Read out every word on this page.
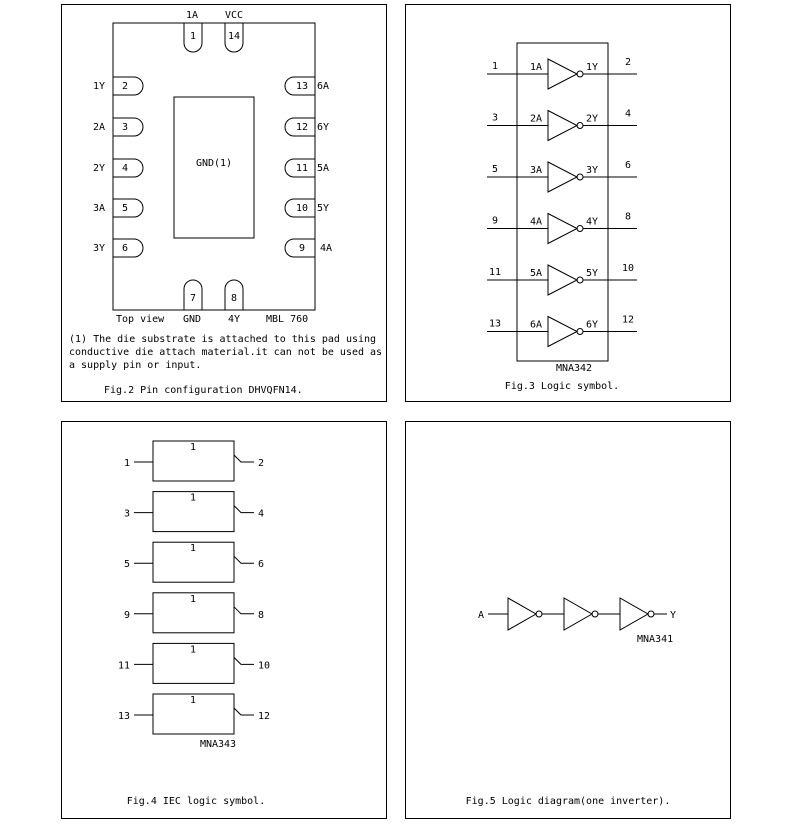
GND(1)
1A	VCC
1	14
1Y 2
2A 3
2Y 4
3A 5
3Y 6
13 6A
12 6Y
11 5A
10 5Y
9 4A
7	8
GND	4Y
Top view	MBL 760
(1) The die substrate is attached to this pad using
conductive die attach material.it can not be used as
a supply pin or input.
Fig.2 Pin configuration DHVQFN14.
1	1A	1Y	2
3	2A	2Y	4
5	3A	3Y	6
9	4A	4Y	8
11	5A	5Y 10
13	6A	6Y 12
MNA342
Fig.3 Logic symbol.
1
1
2
3
1
4
5
1
6
9
1
8
11
1
10
13
1
12
MNA343
Fig.4 IEC logic symbol.
A	Y
MNA341
Fig.5 Logic diagram(one inverter).
